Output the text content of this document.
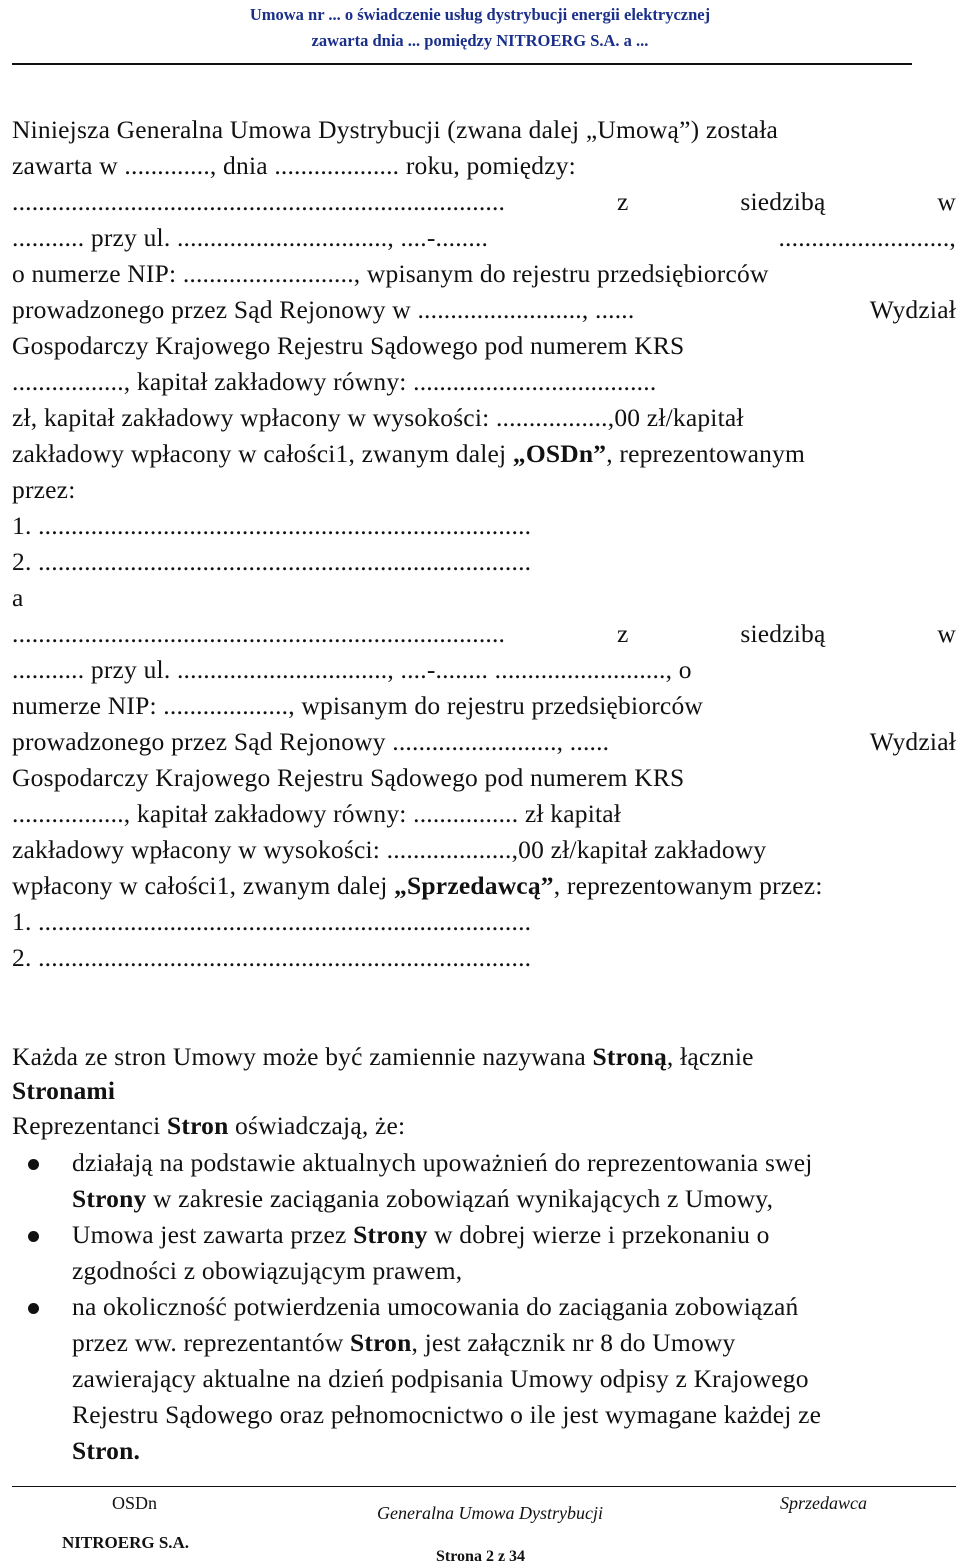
Umowa nr ... o świadczenie usług dystrybucji energii elektrycznej
zawarta dnia ... pomiędzy NITROERG S.A. a ...
Niniejsza Generalna Umowa Dystrybucji (zwana dalej „Umową”) została
zawarta w ............., dnia ................... roku, pomiędzy:
...........................................................................	z	siedzibą	w
........... przy ul. ................................, ....-........	..........................,
o numerze NIP: .........................., wpisanym do rejestru przedsiębiorców
prowadzonego przez Sąd Rejonowy w ........................., ......	Wydział
Gospodarczy Krajowego Rejestru Sądowego pod numerem KRS
................., kapitał zakładowy równy: .....................................
zł, kapitał zakładowy wpłacony w wysokości: .................,00 zł/kapitał
zakładowy wpłacony w całości1, zwanym dalej „OSDn”, reprezentowanym
przez:
1. ...........................................................................
2. ...........................................................................
a
...........................................................................	z	siedzibą	w
........... przy ul. ................................, ....-........ .........................., o
numerze NIP: ..................., wpisanym do rejestru przedsiębiorców
prowadzonego przez Sąd Rejonowy ........................., ......	Wydział
Gospodarczy Krajowego Rejestru Sądowego pod numerem KRS
................., kapitał zakładowy równy: ................ zł kapitał
zakładowy wpłacony w wysokości: ...................,00 zł/kapitał zakładowy
wpłacony w całości1, zwanym dalej „Sprzedawcą”, reprezentowanym przez:
1. ...........................................................................
2. ...........................................................................
Każda ze stron Umowy może być zamiennie nazywana Stroną, łącznie
Stronami
Reprezentanci Stron oświadczają, że:
działają na podstawie aktualnych upoważnień do reprezentowania swej
Strony w zakresie zaciągania zobowiązań wynikających z Umowy,
Umowa jest zawarta przez Strony w dobrej wierze i przekonaniu o
zgodności z obowiązującym prawem,
na okoliczność potwierdzenia umocowania do zaciągania zobowiązań
przez ww. reprezentantów Stron, jest załącznik nr 8 do Umowy
zawierający aktualne na dzień podpisania Umowy odpisy z Krajowego
Rejestru Sądowego oraz pełnomocnictwo o ile jest wymagane każdej ze
Stron.
OSDn	Generalna Umowa Dystrybucji	Sprzedawca
NITROERG S.A.
Strona 2 z 34
